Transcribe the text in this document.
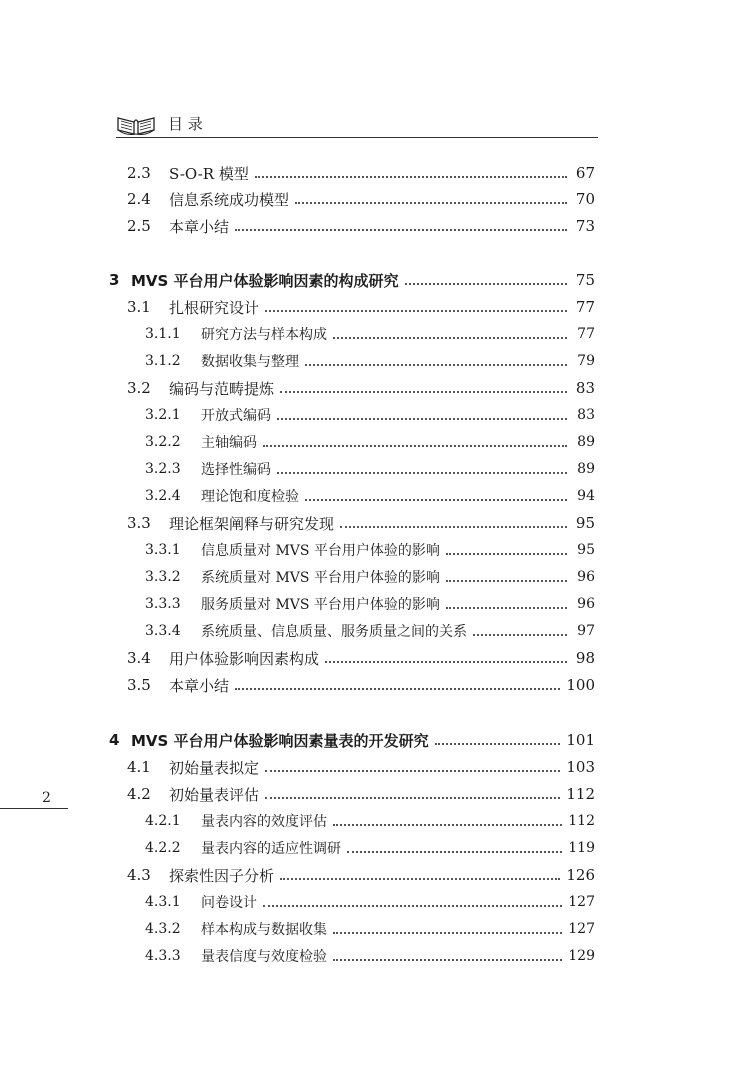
目 录
2.3	S-O-R 模型	67
2.4	信息系统成功模型	70
2.5	本章小结	73
3 MVS 平台用户体验影响因素的构成研究	75
3.1	扎根研究设计	77
3.1.1	研究方法与样本构成	77
3.1.2	数据收集与整理	79
3.2	编码与范畴提炼	83
3.2.1	开放式编码	83
3.2.2	主轴编码	89
3.2.3	选择性编码	89
3.2.4	理论饱和度检验	94
3.3	理论框架阐释与研究发现	95
3.3.1	信息质量对 MVS 平台用户体验的影响	95
3.3.2	系统质量对 MVS 平台用户体验的影响	96
3.3.3	服务质量对 MVS 平台用户体验的影响	96
3.3.4	系统质量、信息质量、服务质量之间的关系	97
3.4	用户体验影响因素构成	98
3.5	本章小结	100
4 MVS 平台用户体验影响因素量表的开发研究	101
4.1	初始量表拟定	103
4.2	初始量表评估	112
4.2.1	量表内容的效度评估	112
4.2.2	量表内容的适应性调研	119
4.3	探索性因子分析	126
4.3.1	问卷设计	127
4.3.2	样本构成与数据收集	127
4.3.3	量表信度与效度检验	129
2
